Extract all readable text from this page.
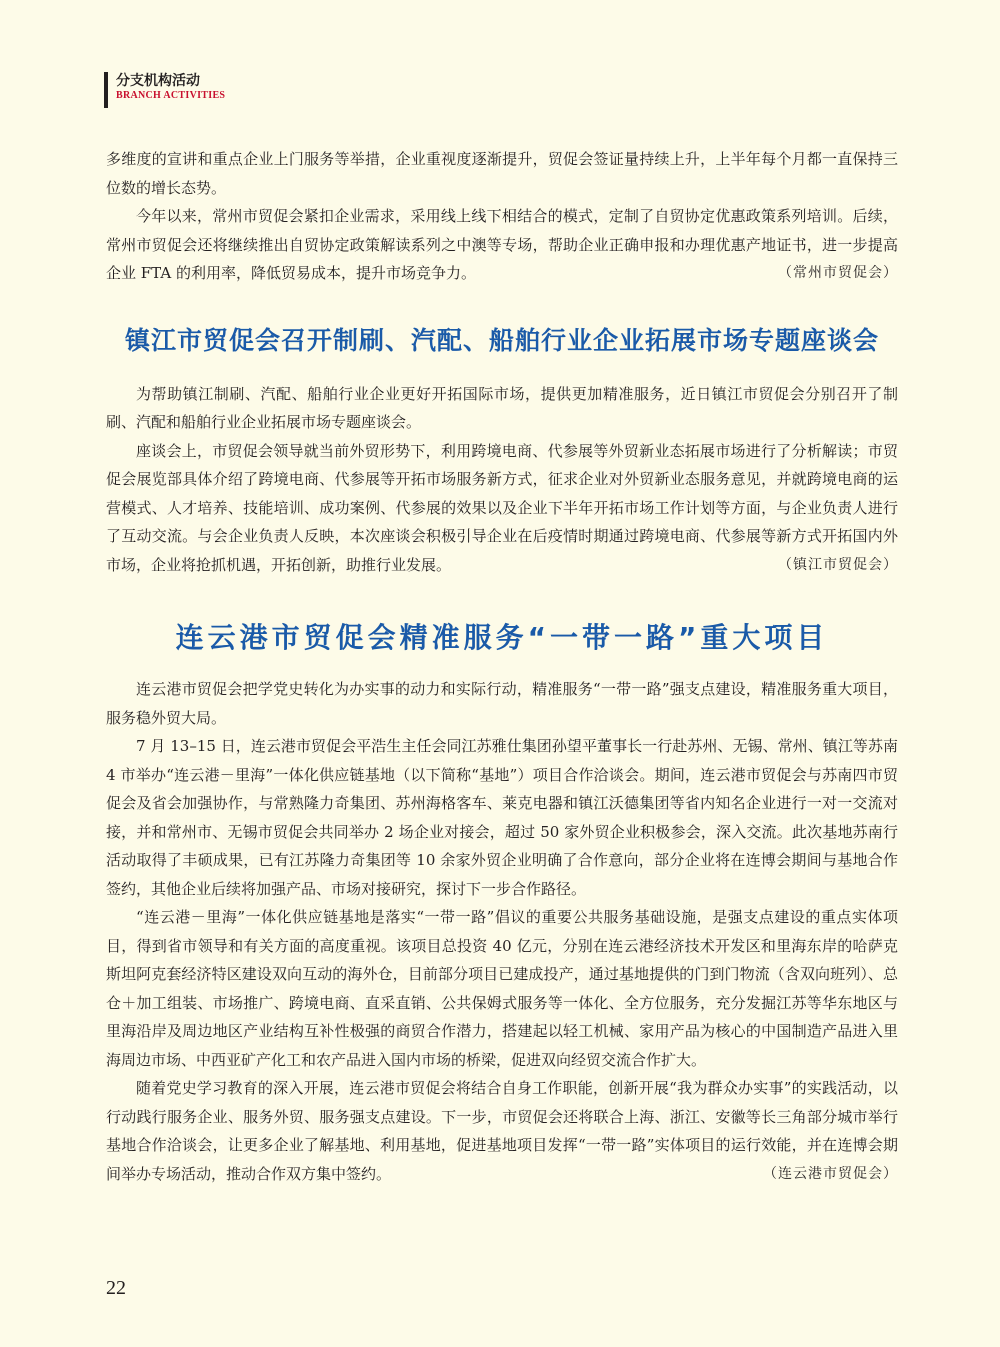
分支机构活动
BRANCH ACTIVITIES

多维度的宣讲和重点企业上门服务等举措，企业重视度逐渐提升，贸促会签证量持续上升，上半年每个月都一直保持三位数的增长态势。

今年以来，常州市贸促会紧扣企业需求，采用线上线下相结合的模式，定制了自贸协定优惠政策系列培训。后续，常州市贸促会还将继续推出自贸协定政策解读系列之中澳等专场，帮助企业正确申报和办理优惠产地证书，进一步提高企业 FTA 的利用率，降低贸易成本，提升市场竞争力。	（常州市贸促会）

镇江市贸促会召开制刷、汽配、船舶行业企业拓展市场专题座谈会

为帮助镇江制刷、汽配、船舶行业企业更好开拓国际市场，提供更加精准服务，近日镇江市贸促会分别召开了制刷、汽配和船舶行业企业拓展市场专题座谈会。

座谈会上，市贸促会领导就当前外贸形势下，利用跨境电商、代参展等外贸新业态拓展市场进行了分析解读；市贸促会展览部具体介绍了跨境电商、代参展等开拓市场服务新方式，征求企业对外贸新业态服务意见，并就跨境电商的运营模式、人才培养、技能培训、成功案例、代参展的效果以及企业下半年开拓市场工作计划等方面，与企业负责人进行了互动交流。与会企业负责人反映，本次座谈会积极引导企业在后疫情时期通过跨境电商、代参展等新方式开拓国内外市场，企业将抢抓机遇，开拓创新，助推行业发展。	（镇江市贸促会）

连云港市贸促会精准服务“一带一路”重大项目

连云港市贸促会把学党史转化为办实事的动力和实际行动，精准服务“一带一路”强支点建设，精准服务重大项目，服务稳外贸大局。

7 月 13–15 日，连云港市贸促会平浩生主任会同江苏雅仕集团孙望平董事长一行赴苏州、无锡、常州、镇江等苏南 4 市举办“连云港－里海”一体化供应链基地（以下简称“基地”）项目合作洽谈会。期间，连云港市贸促会与苏南四市贸促会及省会加强协作，与常熟隆力奇集团、苏州海格客车、莱克电器和镇江沃德集团等省内知名企业进行一对一交流对接，并和常州市、无锡市贸促会共同举办 2 场企业对接会，超过 50 家外贸企业积极参会，深入交流。此次基地苏南行活动取得了丰硕成果，已有江苏隆力奇集团等 10 余家外贸企业明确了合作意向，部分企业将在连博会期间与基地合作签约，其他企业后续将加强产品、市场对接研究，探讨下一步合作路径。

“连云港－里海”一体化供应链基地是落实“一带一路”倡议的重要公共服务基础设施，是强支点建设的重点实体项目，得到省市领导和有关方面的高度重视。该项目总投资 40 亿元，分别在连云港经济技术开发区和里海东岸的哈萨克斯坦阿克套经济特区建设双向互动的海外仓，目前部分项目已建成投产，通过基地提供的门到门物流（含双向班列）、总仓＋加工组装、市场推广、跨境电商、直采直销、公共保姆式服务等一体化、全方位服务，充分发掘江苏等华东地区与里海沿岸及周边地区产业结构互补性极强的商贸合作潜力，搭建起以轻工机械、家用产品为核心的中国制造产品进入里海周边市场、中西亚矿产化工和农产品进入国内市场的桥梁，促进双向经贸交流合作扩大。

随着党史学习教育的深入开展，连云港市贸促会将结合自身工作职能，创新开展“我为群众办实事”的实践活动，以行动践行服务企业、服务外贸、服务强支点建设。下一步，市贸促会还将联合上海、浙江、安徽等长三角部分城市举行基地合作洽谈会，让更多企业了解基地、利用基地，促进基地项目发挥“一带一路”实体项目的运行效能，并在连博会期间举办专场活动，推动合作双方集中签约。	（连云港市贸促会）

22
